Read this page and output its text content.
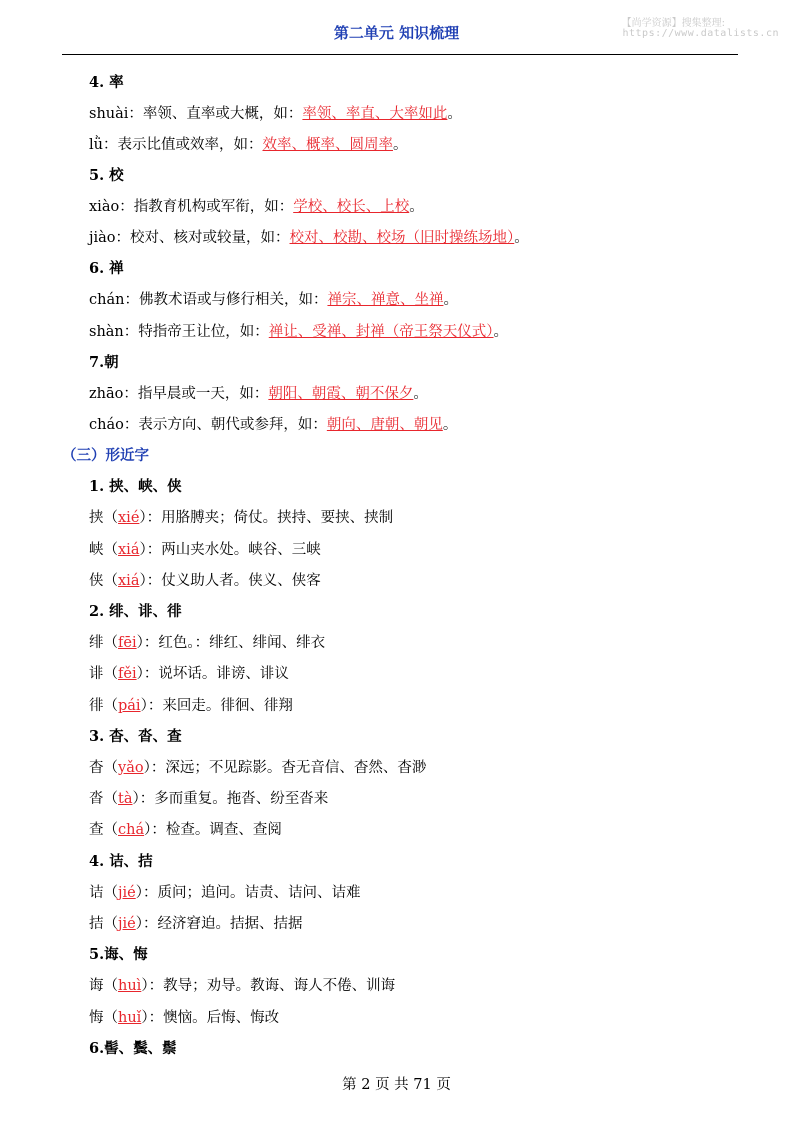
第二单元 知识梳理
【尚学资源】搜集整理:
https://www.datalists.cn
4. 率
shuài：率领、直率或大概，如：率领、率直、大率如此。
lǜ：表示比值或效率，如：效率、概率、圆周率。
5. 校
xiào：指教育机构或军衔，如：学校、校长、上校。
jiào：校对、核对或较量，如：校对、校勘、校场（旧时操练场地）。
6. 禅
chán：佛教术语或与修行相关，如：禅宗、禅意、坐禅。
shàn：特指帝王让位，如：禅让、受禅、封禅（帝王祭天仪式）。
7.朝
zhāo：指早晨或一天，如：朝阳、朝霞、朝不保夕。
cháo：表示方向、朝代或参拜，如：朝向、唐朝、朝见。
（三）形近字
1. 挟、峡、侠
挟（xié）：用胳膊夹；倚仗。挟持、要挟、挟制
峡（xiá）：两山夹水处。峡谷、三峡
侠（xiá）：仗义助人者。侠义、侠客
2. 绯、诽、徘
绯（fēi）：红色。：绯红、绯闻、绯衣
诽（fěi）：说坏话。诽谤、诽议
徘（pái）：来回走。徘徊、徘翔
3. 杳、沓、查
杳（yǎo）：深远；不见踪影。杳无音信、杳然、杳渺
沓（tà）：多而重复。拖沓、纷至沓来
查（chá）：检查。调查、查阅
4. 诘、拮
诘（jié）：质问；追问。诘责、诘问、诘难
拮（jié）：经济窘迫。拮据、拮据
5.诲、悔
诲（huì）：教导；劝导。教诲、诲人不倦、训诲
悔（huǐ）：懊恼。后悔、悔改
6.髻、鬓、鬃
第 2 页 共 71 页
